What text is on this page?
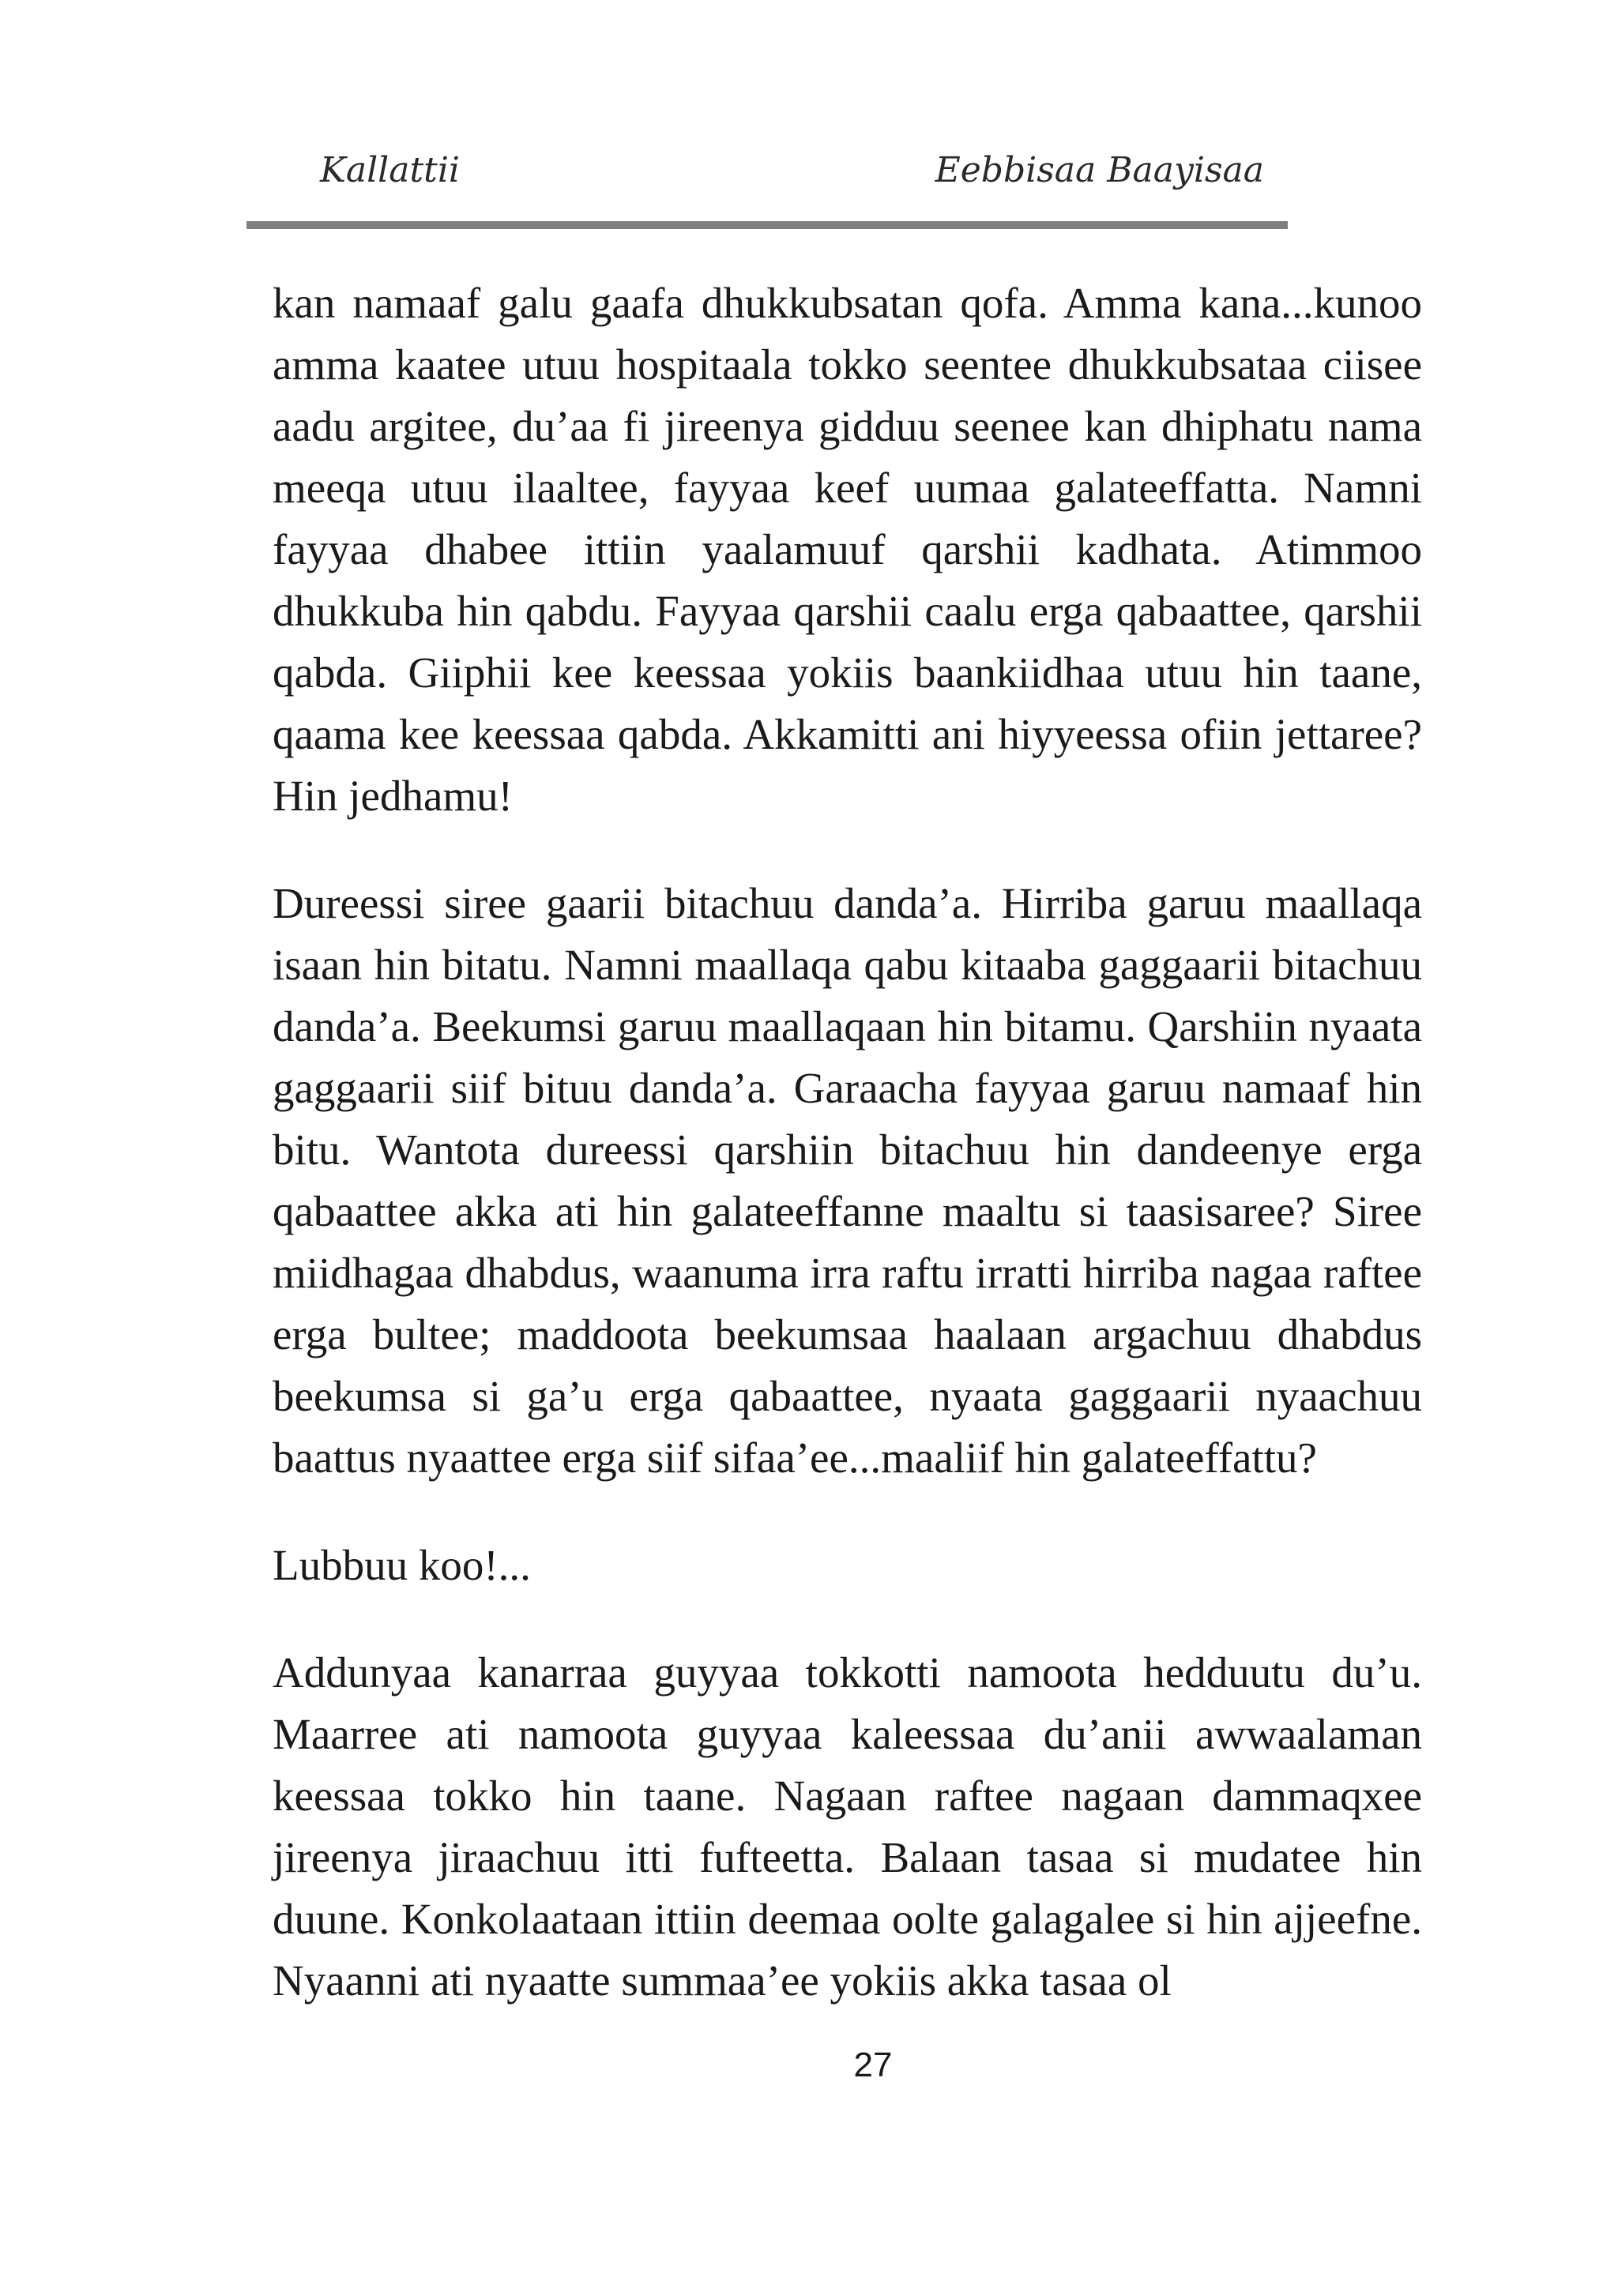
Kallattii	Eebbisaa Baayisaa

kan namaaf galu gaafa dhukkubsatan qofa. Amma kana...kunoo amma kaatee utuu hospitaala tokko seentee dhukkubsataa ciisee aadu argitee, du’aa fi jireenya gidduu seenee kan dhiphatu nama meeqa utuu ilaaltee, fayyaa keef uumaa galateeffatta. Namni fayyaa dhabee ittiin yaalamuuf qarshii kadhata. Atimmoo dhukkuba hin qabdu. Fayyaa qarshii caalu erga qabaattee, qarshii qabda. Giiphii kee keessaa yokiis baankiidhaa utuu hin taane, qaama kee keessaa qabda. Akkamitti ani hiyyeessa ofiin jettaree? Hin jedhamu!

Dureessi siree gaarii bitachuu danda’a. Hirriba garuu maallaqa isaan hin bitatu. Namni maallaqa qabu kitaaba gaggaarii bitachuu danda’a. Beekumsi garuu maallaqaan hin bitamu. Qarshiin nyaata gaggaarii siif bituu danda’a. Garaacha fayyaa garuu namaaf hin bitu. Wantota dureessi qarshiin bitachuu hin dandeenye erga qabaattee akka ati hin galateeffanne maaltu si taasisaree? Siree miidhagaa dhabdus, waanuma irra raftu irratti hirriba nagaa raftee erga bultee; maddoota beekumsaa haalaan argachuu dhabdus beekumsa si ga’u erga qabaattee, nyaata gaggaarii nyaachuu baattus nyaattee erga siif sifaa’ee...maaliif hin galateeffattu?

Lubbuu koo!...

Addunyaa kanarraa guyyaa tokkotti namoota hedduutu du’u. Maarree ati namoota guyyaa kaleessaa du’anii awwaalaman keessaa tokko hin taane. Nagaan raftee nagaan dammaqxee jireenya jiraachuu itti fufteetta. Balaan tasaa si mudatee hin duune. Konkolaataan ittiin deemaa oolte galagalee si hin ajjeefne. Nyaanni ati nyaatte summaa’ee yokiis akka tasaa ol

27
